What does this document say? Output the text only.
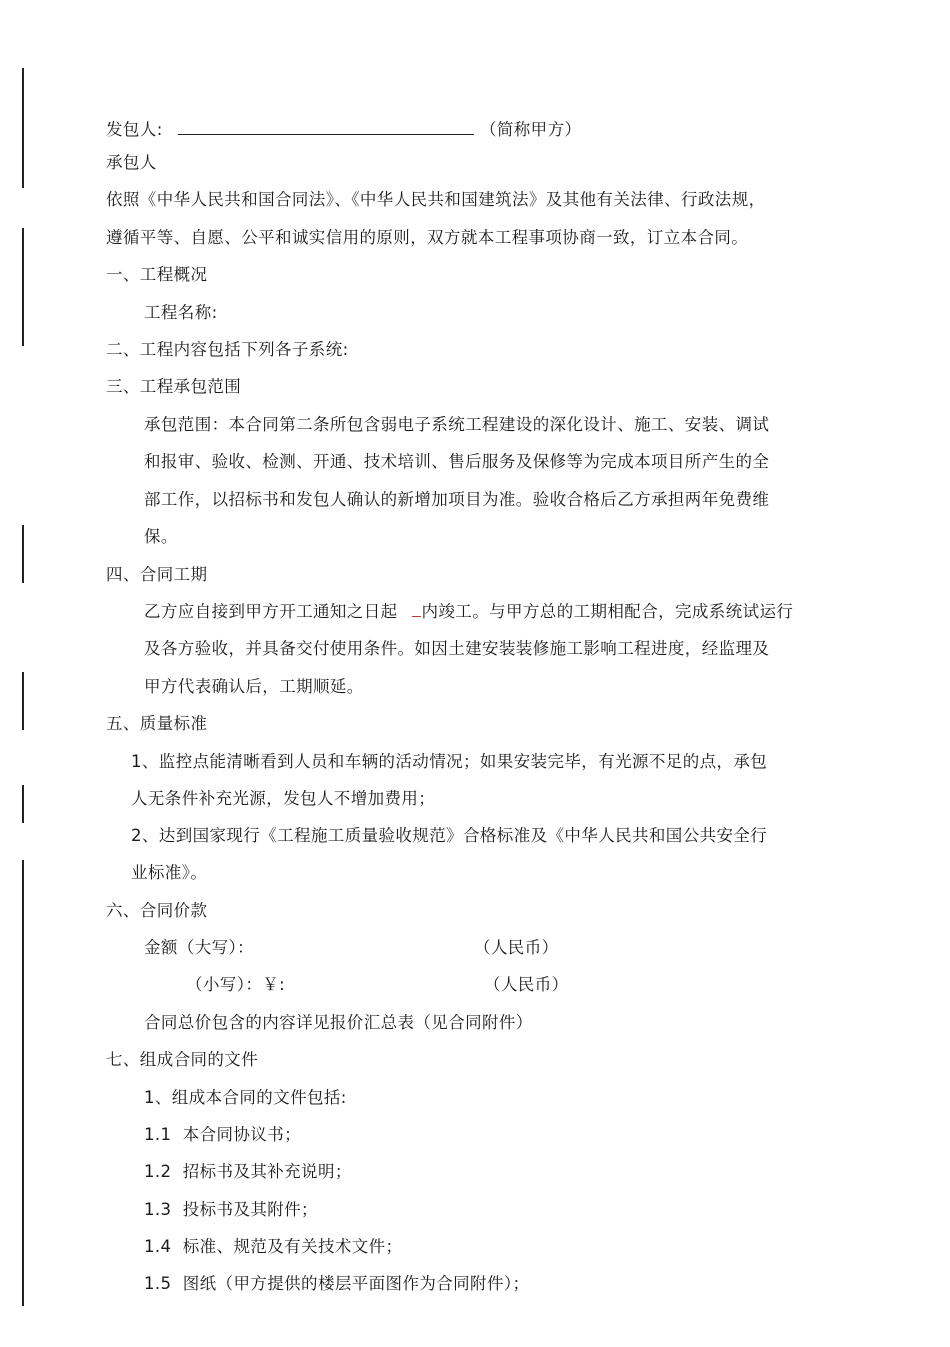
发包人:	（简称甲方）
承包人
依照《中华人民共和国合同法》、《中华人民共和国建筑法》及其他有关法律、行政法规，
遵循平等、自愿、公平和诚实信用的原则，双方就本工程事项协商一致，订立本合同。
一、工程概况
工程名称:
二、工程内容包括下列各子系统:
三、工程承包范围
承包范围：本合同第二条所包含弱电子系统工程建设的深化设计、施工、安装、调试
和报审、验收、检测、开通、技术培训、售后服务及保修等为完成本项目所产生的全
部工作，以招标书和发包人确认的新增加项目为准。验收合格后乙方承担两年免费维
保。
四、合同工期
乙方应自接到甲方开工通知之日起 内竣工。与甲方总的工期相配合，完成系统试运行
及各方验收，并具备交付使用条件。如因土建安装装修施工影响工程进度，经监理及
甲方代表确认后，工期顺延。
五、质量标准
1、监控点能清晰看到人员和车辆的活动情况；如果安装完毕，有光源不足的点，承包
人无条件补充光源，发包人不增加费用；
2、达到国家现行《工程施工质量验收规范》合格标准及《中华人民共和国公共安全行
业标准》。
六、合同价款
金额（大写）：	（人民币）
（小写）：￥:	（人民币）
合同总价包含的内容详见报价汇总表（见合同附件）
七、组成合同的文件
1、组成本合同的文件包括:
1.1 本合同协议书；
1.2 招标书及其补充说明；
1.3 投标书及其附件；
1.4 标准、规范及有关技术文件；
1.5 图纸（甲方提供的楼层平面图作为合同附件）；
